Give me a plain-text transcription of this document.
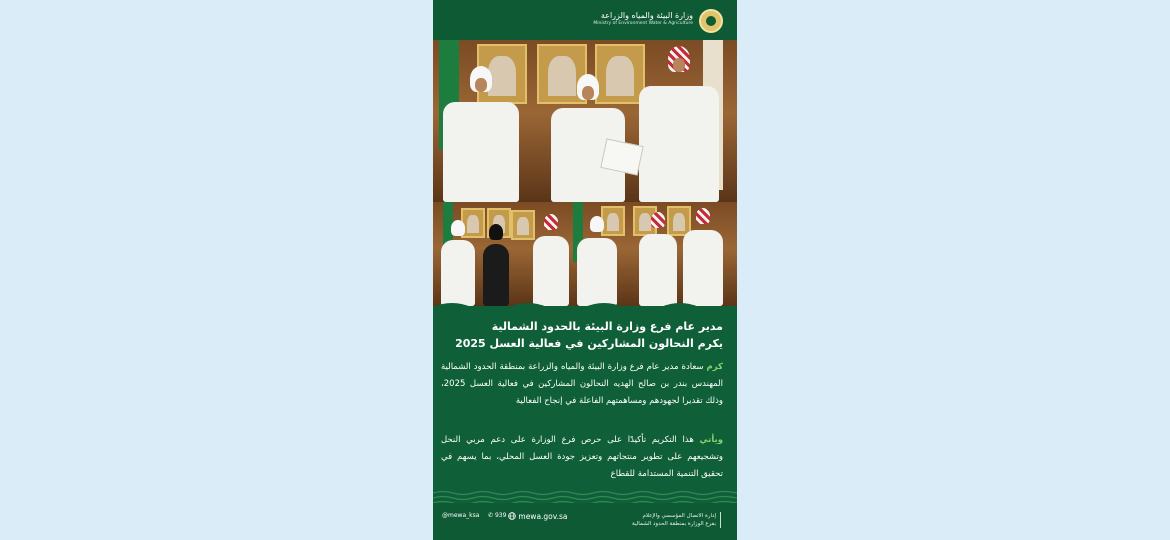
وزارة البيئة والمياه والزراعة
Ministry of Environment Water & Agriculture
مدير عام فرع وزارة البيئة بالحدود الشمالية
يكرم النحالون المشاركين في فعالية العسل 2025

كرم سعادة مدير عام فرع وزارة البيئة والمياه والزراعة بمنطقة الحدود الشمالية المهندس بندر بن صالح الهديه النحالون المشاركين في فعالية العسل 2025، وذلك تقديرا لجهودهم ومساهمتهم الفاعلة في إنجاح الفعالية

ويأتي هذا التكريم تأكيدًا على حرص فرع الوزارة على دعم مربي النحل وتشجيعهم على تطوير منتجاتهم وتعزيز جودة العسل المحلي، بما يسهم في تحقيق التنمية المستدامة للقطاع

إدارة الاتصال المؤسسي والإعلام
بفرع الوزارة بمنطقة الحدود الشمالية
mewa.gov.sa
✆ 939
@mewa_ksa
